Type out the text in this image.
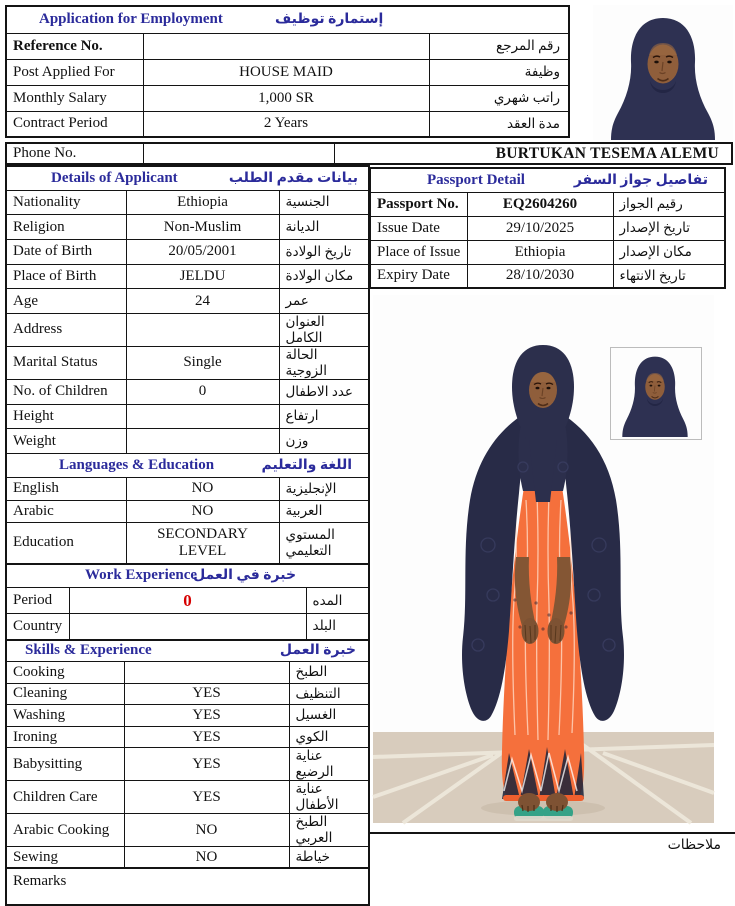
Application for Employment إستمارة توظيف		

Reference No.		رقم المرجع
Post Applied For	HOUSE MAID	وظيفة
Monthly Salary	1,000 SR	راتب شهري
Contract Period	2 Years	مدة العقد
Phone No.		BURTUKAN TESEMA ALEMU
Details of Applicant بيانات مقدم الطلب		

Nationality	Ethiopia	الجنسية
Religion	Non-Muslim	الديانة
Date of Birth	20/05/2001	تاريخ الولادة
Place of Birth	JELDU	مكان الولادة
Age	24	عمر
Address		العنوان الكامل
Marital Status	Single	الحالة الزوجية
No. of Children	0	عدد الاطفال
Height		ارتفاع
Weight		وزن

Languages & Education اللغة والتعليم		

English	NO	الإنجليزية
Arabic	NO	العربية
Education	SECONDARY LEVEL	المستوي التعليمي
Work Experience
خبرة في العمل		

Period	0	المده
Country		البلد
Skills & Experience خبرة العمل		

Cooking		الطبخ
Cleaning	YES	التنظيف
Washing	YES	الغسيل
Ironing	YES	الكوي
Babysitting	YES	عناية الرضيع
Children Care	YES	عناية الأطفال
Arabic Cooking	NO	الطبخ العربي
Sewing	NO	خياطة
Remarks
Passport Detail تفاصيل جواز السفر		

Passport No.	EQ2604260	رقيم الجواز
Issue Date	29/10/2025	تاريخ الإصدار
Place of Issue	Ethiopia	مكان الإصدار
Expiry Date	28/10/2030	تاريخ الانتهاء
ملاحظات
